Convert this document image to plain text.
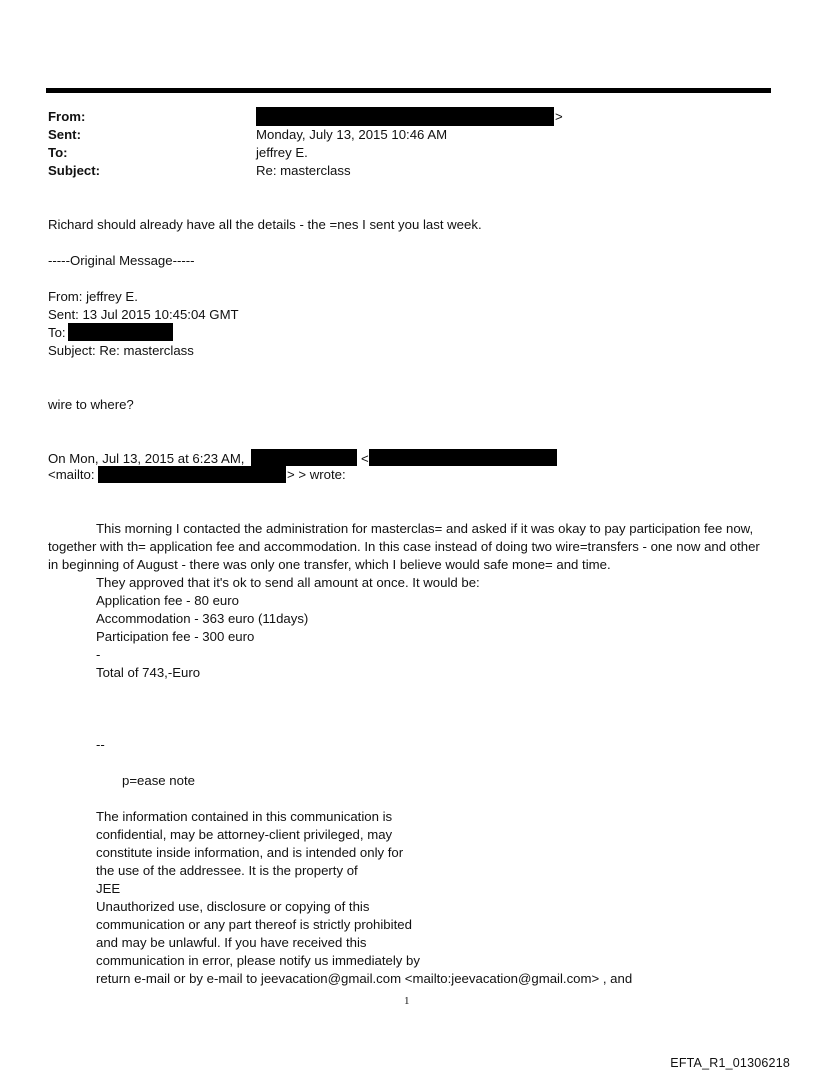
From:	>
Sent:	Monday, July 13, 2015 10:46 AM
To:	jeffrey E.
Subject:	Re: masterclass
Richard should already have all the details - the =nes I sent you last week.
-----Original Message-----
From: jeffrey E.
Sent: 13 Jul 2015 10:45:04 GMT
To:
Subject: Re: masterclass
wire to where?
On Mon, Jul 13, 2015 at 6:23 AM,	<
<mailto:	> > wrote:
This morning I contacted the administration for masterclas= and asked if it was okay to pay participation fee now, together with th= application fee and accommodation. In this case instead of doing two wire=transfers - one now and other in beginning of August - there was only one transfer, which I believe would safe mone= and time.
They approved that it's ok to send all amount at once. It would be:
Application fee - 80 euro
Accommodation - 363 euro (11days)
Participation fee - 300 euro
-
Total of 743,-Euro
--
p=ease note
The information contained in this communication is
confidential, may be attorney-client privileged, may
constitute inside information, and is intended only for
the use of the addressee. It is the property of
JEE
Unauthorized use, disclosure or copying of this
communication or any part thereof is strictly prohibited
and may be unlawful. If you have received this
communication in error, please notify us immediately by
return e-mail or by e-mail to jeevacation@gmail.com <mailto:jeevacation@gmail.com> , and
1
EFTA_R1_01306218
